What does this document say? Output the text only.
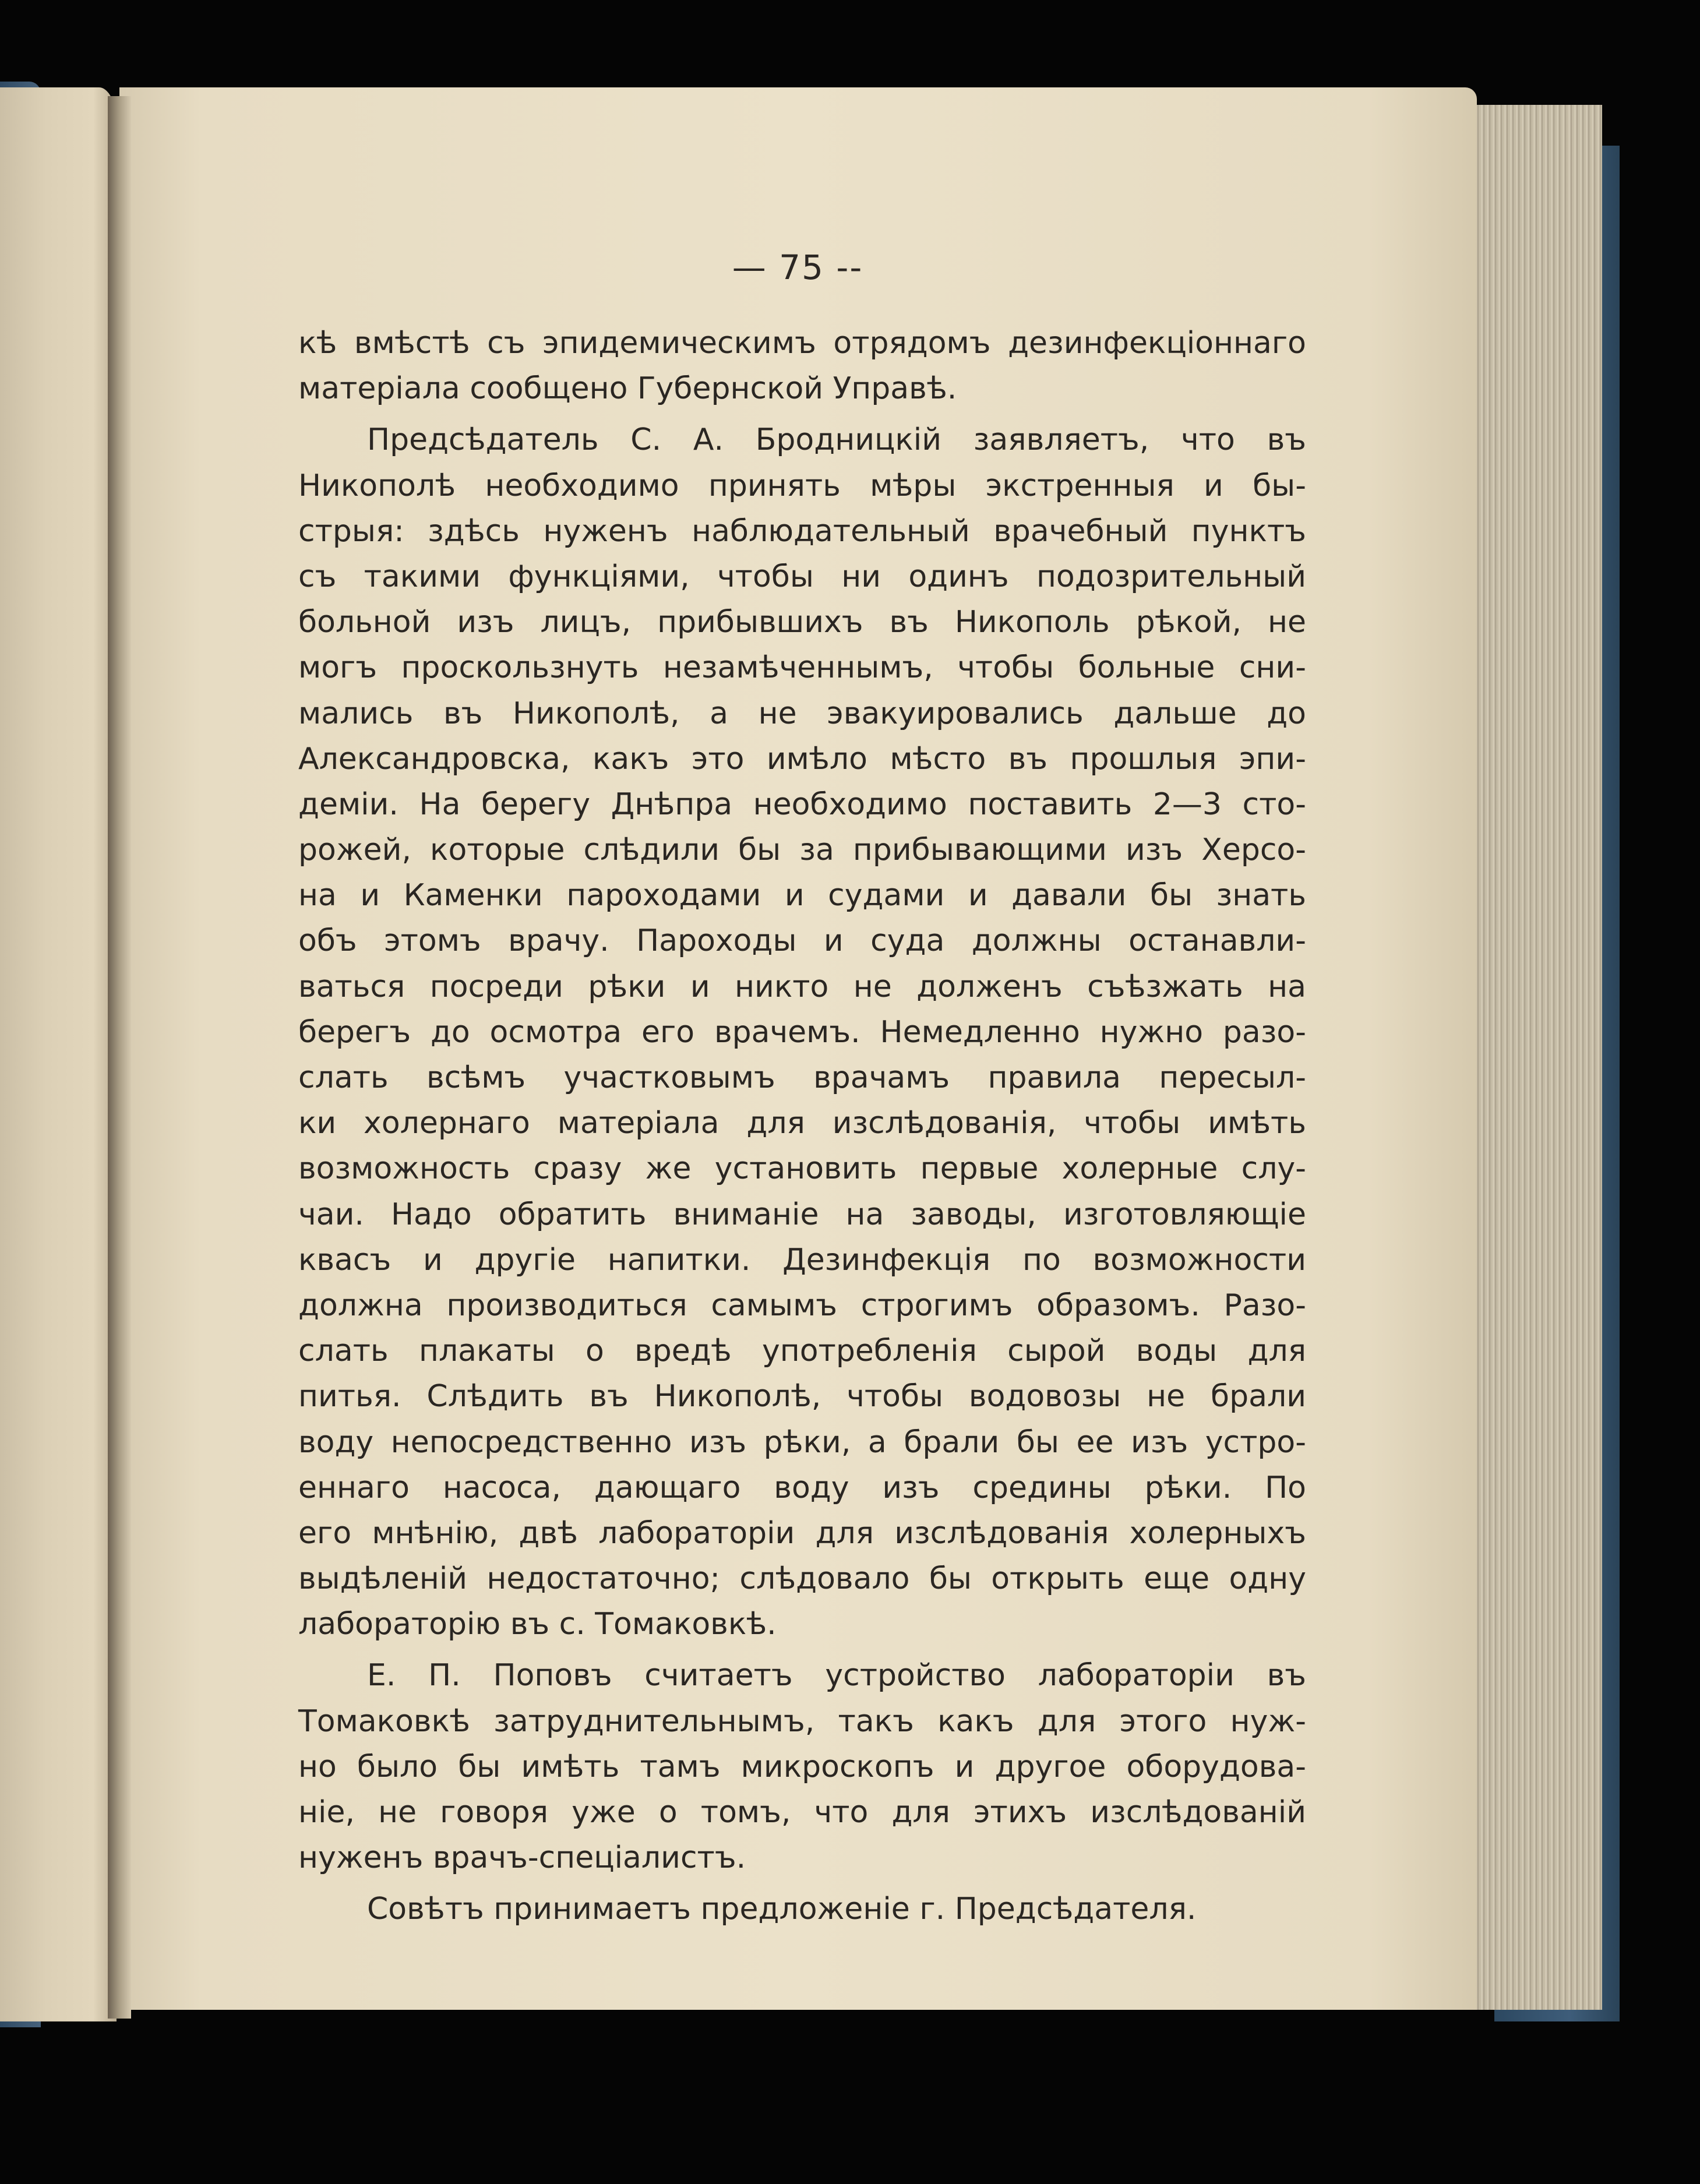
— 75 --
кѣ вмѣстѣ съ эпидемическимъ отрядомъ дезинфекціоннаго
матеріала сообщено Губернской Управѣ.
Предсѣдатель С. А. Бродницкій заявляетъ, что въ
Никополѣ необходимо принять мѣры экстренныя и бы-
стрыя: здѣсь нуженъ наблюдательный врачебный пунктъ
съ такими функціями, чтобы ни одинъ подозрительный
больной изъ лицъ, прибывшихъ въ Никополь рѣкой, не
могъ проскользнуть незамѣченнымъ, чтобы больные сни-
мались въ Никополѣ, а не эвакуировались дальше до
Александровска, какъ это имѣло мѣсто въ прошлыя эпи-
деміи. На берегу Днѣпра необходимо поставить 2—3 сто-
рожей, которые слѣдили бы за прибывающими изъ Херсо-
на и Каменки пароходами и судами и давали бы знать
объ этомъ врачу. Пароходы и суда должны останавли-
ваться посреди рѣки и никто не долженъ съѣзжать на
берегъ до осмотра его врачемъ. Немедленно нужно разо-
слать всѣмъ участковымъ врачамъ правила пересыл-
ки холернаго матеріала для изслѣдованія, чтобы имѣть
возможность сразу же установить первые холерные слу-
чаи. Надо обратить вниманіе на заводы, изготовляющіе
квасъ и другіе напитки. Дезинфекція по возможности
должна производиться самымъ строгимъ образомъ. Разо-
слать плакаты о вредѣ употребленія сырой воды для
питья. Слѣдить въ Никополѣ, чтобы водовозы не брали
воду непосредственно изъ рѣки, а брали бы ее изъ устро-
еннаго насоса, дающаго воду изъ средины рѣки. По
его мнѣнію, двѣ лабораторіи для изслѣдованія холерныхъ
выдѣленій недостаточно; слѣдовало бы открыть еще одну
лабораторію въ с. Томаковкѣ.
Е. П. Поповъ считаетъ устройство лабораторіи въ
Томаковкѣ затруднительнымъ, такъ какъ для этого нуж-
но было бы имѣть тамъ микроскопъ и другое оборудова-
ніе, не говоря уже о томъ, что для этихъ изслѣдованій
нуженъ врачъ-спеціалистъ.
Совѣтъ принимаетъ предложеніе г. Предсѣдателя.
